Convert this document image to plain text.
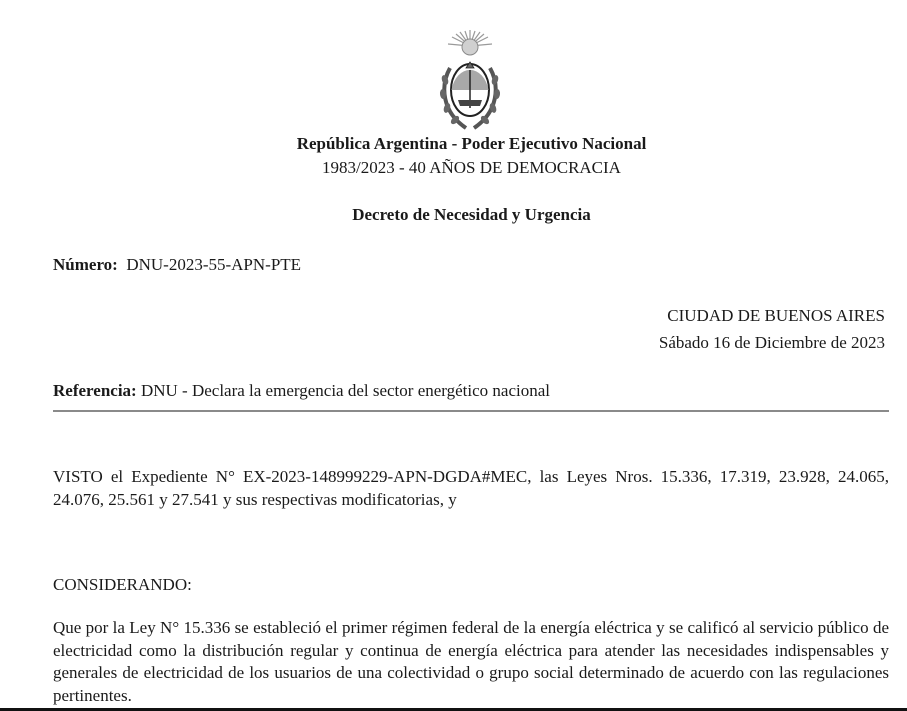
República Argentina - Poder Ejecutivo Nacional
1983/2023 - 40 AÑOS DE DEMOCRACIA
Decreto de Necesidad y Urgencia
Número: DNU-2023-55-APN-PTE
CIUDAD DE BUENOS AIRES
Sábado 16 de Diciembre de 2023
Referencia: DNU - Declara la emergencia del sector energético nacional
VISTO el Expediente N° EX-2023-148999229-APN-DGDA#MEC, las Leyes Nros. 15.336, 17.319, 23.928, 24.065, 24.076, 25.561 y 27.541 y sus respectivas modificatorias, y
CONSIDERANDO:
Que por la Ley N° 15.336 se estableció el primer régimen federal de la energía eléctrica y se calificó al servicio público de electricidad como la distribución regular y continua de energía eléctrica para atender las necesidades indispensables y generales de electricidad de los usuarios de una colectividad o grupo social determinado de acuerdo con las regulaciones pertinentes.
